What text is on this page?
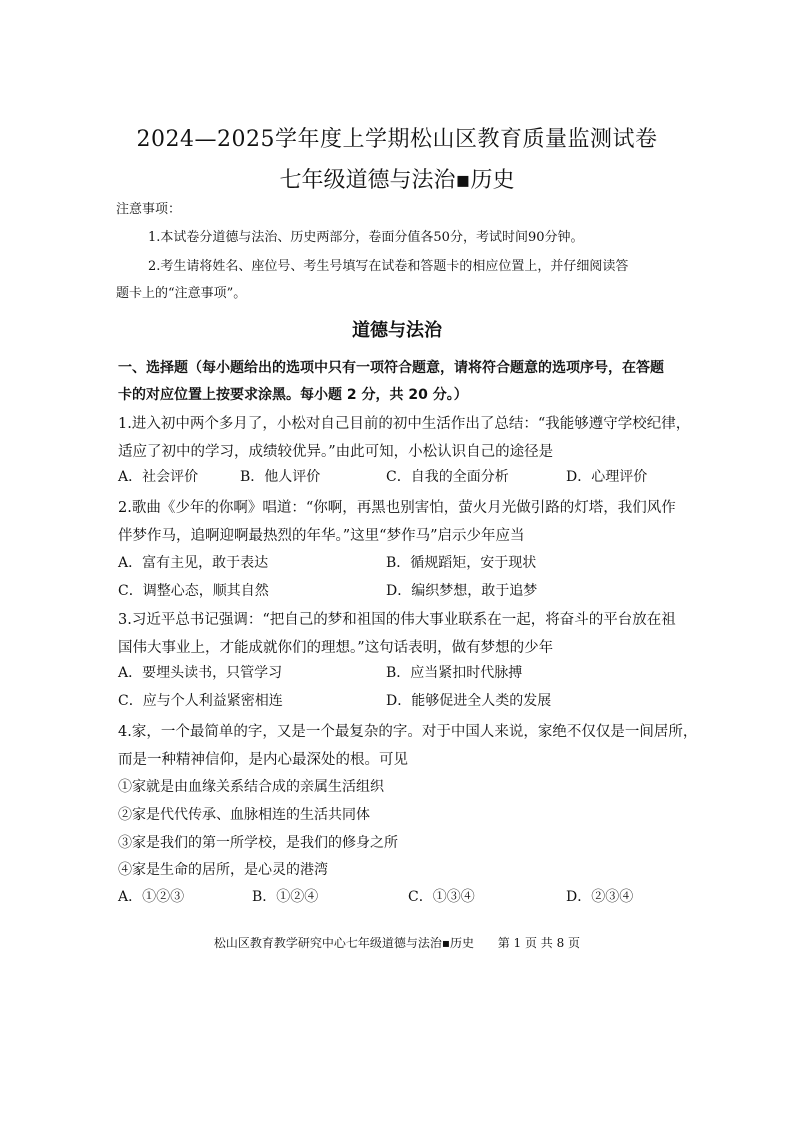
2024—2025学年度上学期松山区教育质量监测试卷
七年级道德与法治▪历史
注意事项：
1.本试卷分道德与法治、历史两部分，卷面分值各50分，考试时间90分钟。
2.考生请将姓名、座位号、考生号填写在试卷和答题卡的相应位置上，并仔细阅读答
题卡上的“注意事项”。
道德与法治
一、选择题（每小题给出的选项中只有一项符合题意，请将符合题意的选项序号，在答题
卡的对应位置上按要求涂黑。每小题 2 分，共 20 分。）
1.进入初中两个多月了，小松对自己目前的初中生活作出了总结：“我能够遵守学校纪律，
适应了初中的学习，成绩较优异。”由此可知，小松认识自己的途径是
A．社会评价	B．他人评价	C．自我的全面分析	D．心理评价
2.歌曲《少年的你啊》唱道：“你啊，再黑也别害怕，萤火月光做引路的灯塔，我们风作
伴梦作马，追啊迎啊最热烈的年华。”这里“梦作马”启示少年应当
A．富有主见，敢于表达	B．循规蹈矩，安于现状
C．调整心态，顺其自然	D．编织梦想，敢于追梦
3.习近平总书记强调：“把自己的梦和祖国的伟大事业联系在一起，将奋斗的平台放在祖
国伟大事业上，才能成就你们的理想。”这句话表明，做有梦想的少年
A．要埋头读书，只管学习	B．应当紧扣时代脉搏
C．应与个人利益紧密相连	D．能够促进全人类的发展
4.家，一个最简单的字，又是一个最复杂的字。对于中国人来说，家绝不仅仅是一间居所，
而是一种精神信仰，是内心最深处的根。可见
①家就是由血缘关系结合成的亲属生活组织
②家是代代传承、血脉相连的生活共同体
③家是我们的第一所学校，是我们的修身之所
④家是生命的居所，是心灵的港湾
A．①②③	B．①②④	C．①③④	D．②③④
松山区教育教学研究中心七年级道德与法治▪历史 第 1 页 共 8 页
